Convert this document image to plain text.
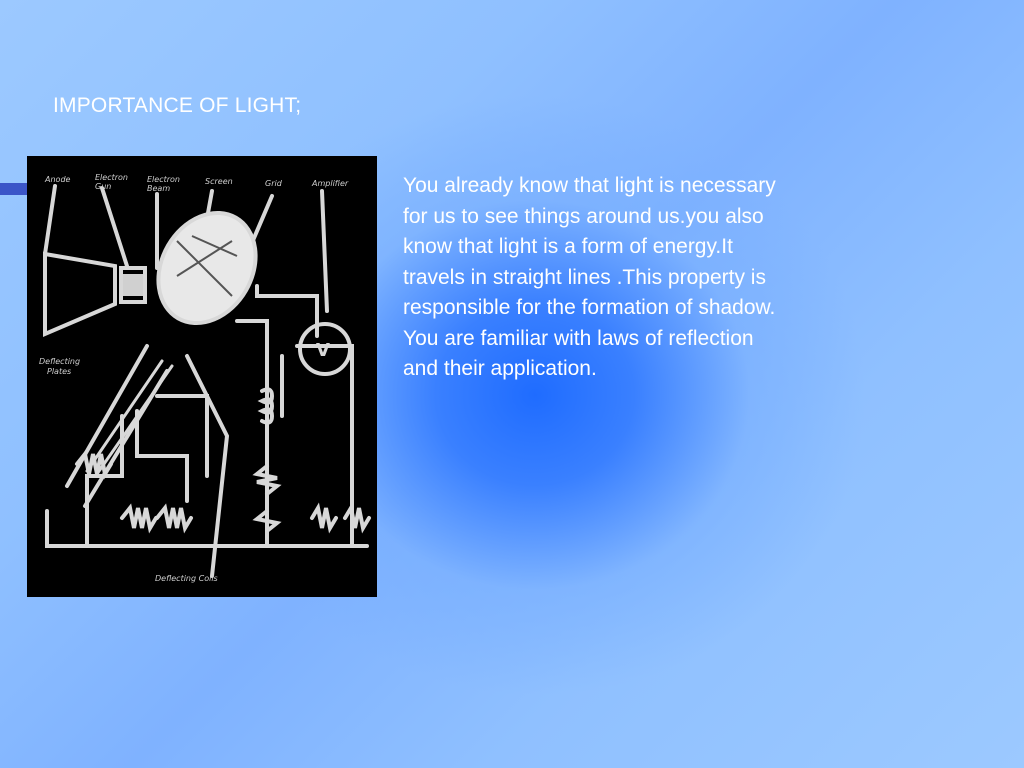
IMPORTANCE OF LIGHT;
Anode	Electron
Gun
Electron
Beam
Screen	Grid	Amplifier
Deflecting
Plates
Deflecting Coils
V

You already know that light is necessary

for us to see things around us.you also

know that light is a form of energy.It

travels in straight lines .This property is

responsible for the formation of shadow.

You are familiar with laws of reflection

and their application.
